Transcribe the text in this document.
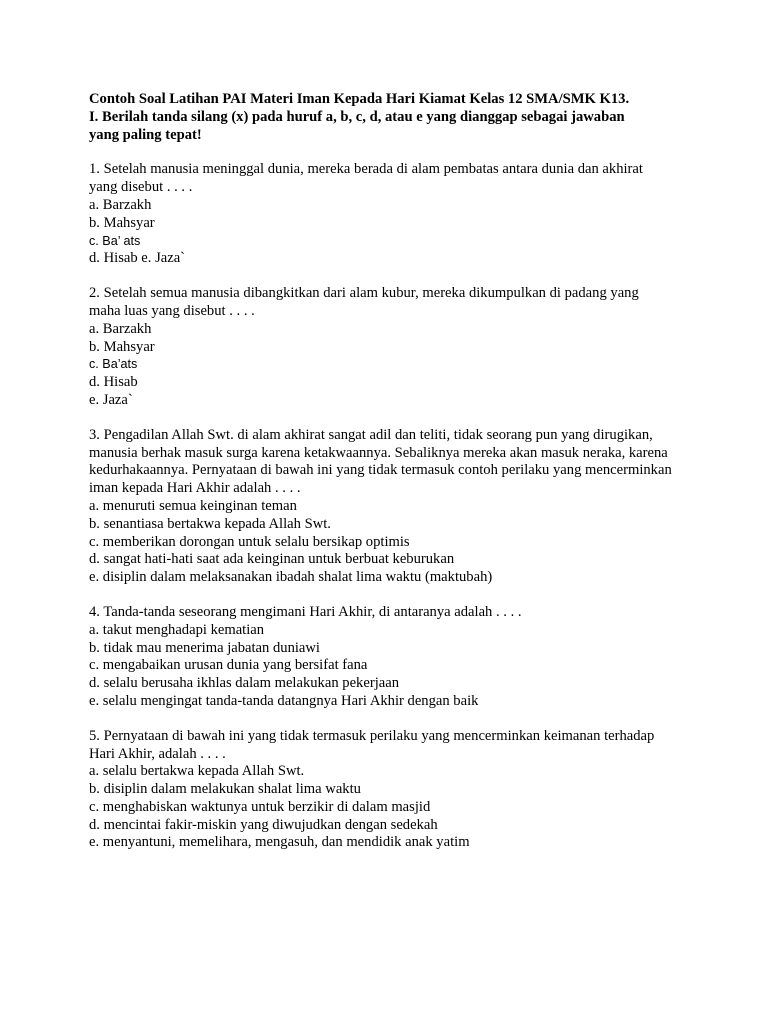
Contoh Soal Latihan PAI Materi Iman Kepada Hari Kiamat Kelas 12 SMA/SMK K13.
I. Berilah tanda silang (x) pada huruf a, b, c, d, atau e yang dianggap sebagai jawaban yang paling tepat!
1. Setelah manusia meninggal dunia, mereka berada di alam pembatas antara dunia dan akhirat yang disebut . . . .
a. Barzakh
b. Mahsyar
c. Ba’ ats
d. Hisab e. Jaza`
2. Setelah semua manusia dibangkitkan dari alam kubur, mereka dikumpulkan di padang yang maha luas yang disebut . . . .
a. Barzakh
b. Mahsyar
c. Ba’ats
d. Hisab
e. Jaza`
3. Pengadilan Allah Swt. di alam akhirat sangat adil dan teliti, tidak seorang pun yang dirugikan, manusia berhak masuk surga karena ketakwaannya. Sebaliknya mereka akan masuk neraka, karena kedurhakaannya. Pernyataan di bawah ini yang tidak termasuk contoh perilaku yang mencerminkan iman kepada Hari Akhir adalah . . . .
a. menuruti semua keinginan teman
b. senantiasa bertakwa kepada Allah Swt.
c. memberikan dorongan untuk selalu bersikap optimis
d. sangat hati-hati saat ada keinginan untuk berbuat keburukan
e. disiplin dalam melaksanakan ibadah shalat lima waktu (maktubah)
4. Tanda-tanda seseorang mengimani Hari Akhir, di antaranya adalah . . . .
a. takut menghadapi kematian
b. tidak mau menerima jabatan duniawi
c. mengabaikan urusan dunia yang bersifat fana
d. selalu berusaha ikhlas dalam melakukan pekerjaan
e. selalu mengingat tanda-tanda datangnya Hari Akhir dengan baik
5. Pernyataan di bawah ini yang tidak termasuk perilaku yang mencerminkan keimanan terhadap Hari Akhir, adalah . . . .
a. selalu bertakwa kepada Allah Swt.
b. disiplin dalam melakukan shalat lima waktu
c. menghabiskan waktunya untuk berzikir di dalam masjid
d. mencintai fakir-miskin yang diwujudkan dengan sedekah
e. menyantuni, memelihara, mengasuh, dan mendidik anak yatim
